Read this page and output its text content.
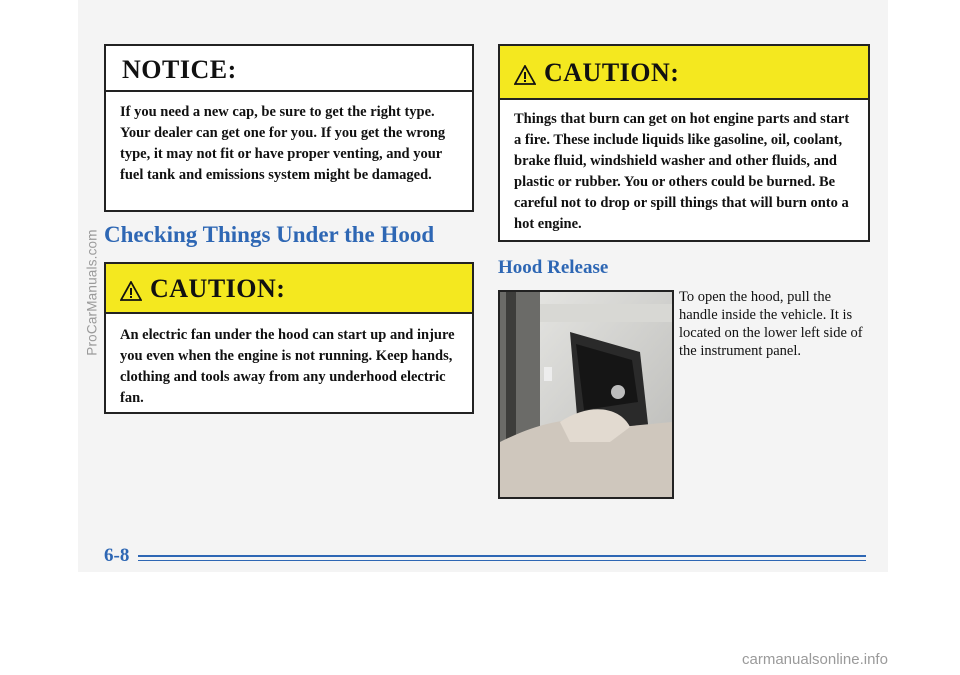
NOTICE:
If you need a new cap, be sure to get the right type. Your dealer can get one for you. If you get the wrong type, it may not fit or have proper venting, and your fuel tank and emissions system might be damaged.
Checking Things Under the Hood
CAUTION:
An electric fan under the hood can start up and injure you even when the engine is not running. Keep hands, clothing and tools away from any underhood electric fan.
CAUTION:
Things that burn can get on hot engine parts and start a fire. These include liquids like gasoline, oil, coolant, brake fluid, windshield washer and other fluids, and plastic or rubber. You or others could be burned. Be careful not to drop or spill things that will burn onto a hot engine.
Hood Release
To open the hood, pull the handle inside the vehicle. It is located on the lower left side of the instrument panel.
6-8
ProCarManuals.com
carmanualsonline.info
